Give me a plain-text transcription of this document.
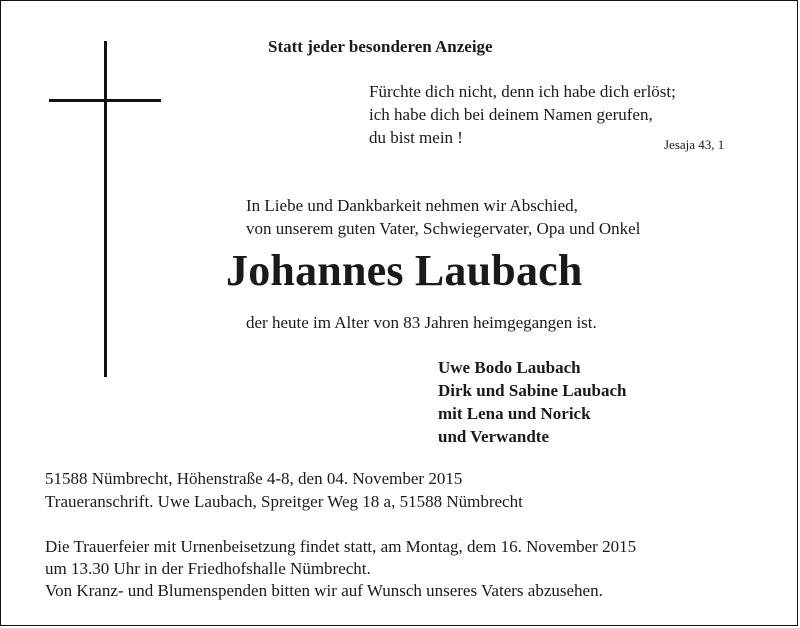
Statt jeder besonderen Anzeige
Fürchte dich nicht, denn ich habe dich erlöst;
ich habe dich bei deinem Namen gerufen,
du bist mein !	Jesaja 43, 1
In Liebe und Dankbarkeit nehmen wir Abschied,
von unserem guten Vater, Schwiegervater, Opa und Onkel
Johannes Laubach
der heute im Alter von 83 Jahren heimgegangen ist.
Uwe Bodo Laubach
Dirk und Sabine Laubach
mit Lena und Norick
und Verwandte
51588 Nümbrecht, Höhenstraße 4-8, den 04. November 2015
Traueranschrift. Uwe Laubach, Spreitger Weg 18 a, 51588 Nümbrecht
Die Trauerfeier mit Urnenbeisetzung findet statt, am Montag, dem 16. November 2015
um 13.30 Uhr in der Friedhofshalle Nümbrecht.
Von Kranz- und Blumenspenden bitten wir auf Wunsch unseres Vaters abzusehen.
